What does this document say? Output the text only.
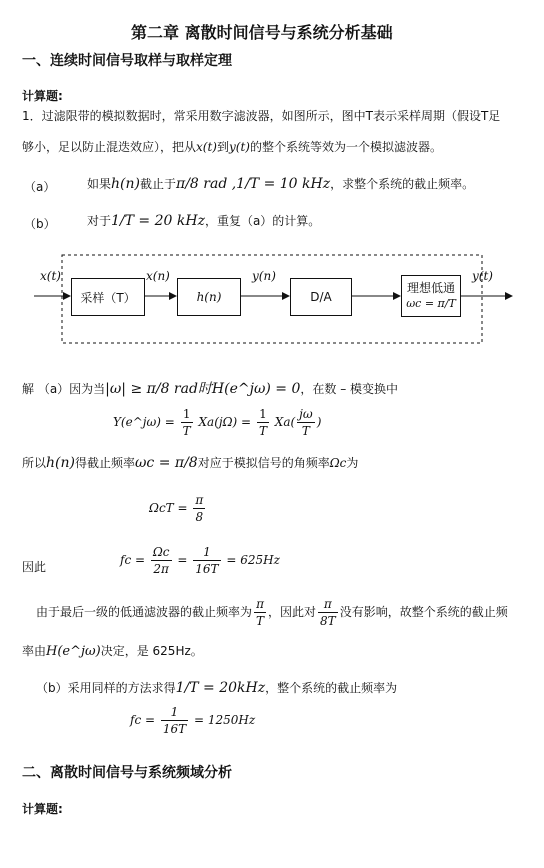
第二章 离散时间信号与系统分析基础
一、连续时间信号取样与取样定理
计算题:
1．过滤限带的模拟数据时，常采用数字滤波器，如图所示，图中T表示采样周期（假设T足
够小，足以防止混迭效应），把从x(t)到y(t)的整个系统等效为一个模拟滤波器。
（a）	如果h(n)截止于π/8 rad ,1/T = 10 kHz，求整个系统的截止频率。
（b）	对于1/T = 20 kHz，重复（a）的计算。
x(t)
采样（T）
x(n)
h(n)
y(n)
D/A
理想低通
ωc = π/T
y(t)
解 （a）因为当|ω| ≥ π/8 rad时H(e^jω) = 0，在数 – 模变换中
Y(e^jω) = $\frac{1}{T} Xa(j\Omega) = \frac{1}{T} Xa( \frac{j\omega}{T}$ )
所以h(n)得截止频率ωc = π/8对应于模拟信号的角频率Ωc为
$\Omega cT = \frac{\pi}{8}$
因此	fc = $\frac{\Omega c}{2\pi} = \frac{1}{16T} = 625Hz$
由于最后一级的低通滤波器的截止频率为 $\frac{\pi}{T}$ ，因此对 $\frac{\pi}{8T}$ 没有影响，故整个系统的截止频
率由H(e^jω)决定，是 625Hz。
（b）采用同样的方法求得1/T = 20kHz，整个系统的截止频率为
fc = $\frac{1}{16T} = 1250Hz$
二、离散时间信号与系统频域分析
计算题:
